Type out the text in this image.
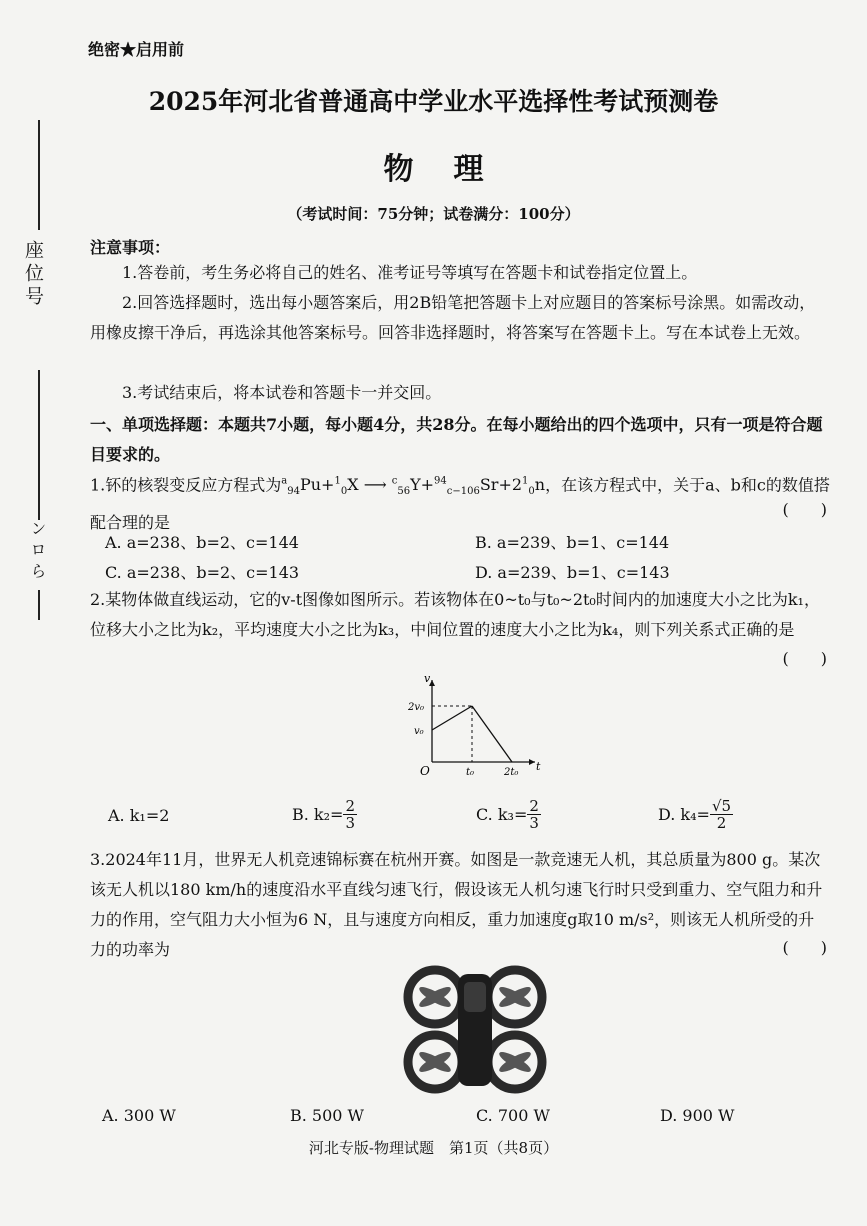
座位号
ン ロ ら
绝密★启用前
2025年河北省普通高中学业水平选择性考试预测卷
物理
（考试时间：75分钟；试卷满分：100分）
注意事项：
1.答卷前，考生务必将自己的姓名、准考证号等填写在答题卡和试卷指定位置上。
2.回答选择题时，选出每小题答案后，用2B铅笔把答题卡上对应题目的答案标号涂黑。如需改动，用橡皮擦干净后，再选涂其他答案标号。回答非选择题时，将答案写在答题卡上。写在本试卷上无效。
3.考试结束后，将本试卷和答题卡一并交回。
一、单项选择题：本题共7小题，每小题4分，共28分。在每小题给出的四个选项中，只有一项是符合题目要求的。
1.钚的核裂变反应方程式为$^a_{94}$Pu+$^1_0$X ⟶ $^c_{56}Y+^{94}_{c-106}Sr+2^1_0n$，在该方程式中，关于a、b和c的数值搭配合理的是
(　　)
A. a=238、b=2、c=144	B. a=239、b=1、c=144
C. a=238、b=2、c=143	D. a=239、b=1、c=143
2.某物体做直线运动，它的v-t图像如图所示。若该物体在0~t₀与t₀~2t₀时间内的加速度大小之比为k₁，位移大小之比为k₂，平均速度大小之比为k₃，中间位置的速度大小之比为k₄，则下列关系式正确的是
(　　)
v
t
O
2v₀
v₀
t₀	2t₀
A. k₁=2	B. $k_2= \frac{2}{3}$	C. $k_3= \frac{2}{3}$	D. $k_4= \frac{√5}{2}$
3.2024年11月，世界无人机竞速锦标赛在杭州开赛。如图是一款竞速无人机，其总质量为800 g。某次该无人机以180 km/h的速度沿水平直线匀速飞行，假设该无人机匀速飞行时只受到重力、空气阻力和升力的作用，空气阻力大小恒为6 N，且与速度方向相反，重力加速度g取10 m/s²，则该无人机所受的升力的功率为	(　　)
A. 300 W	B. 500 W	C. 700 W	D. 900 W
河北专版-物理试题　第1页（共8页）
